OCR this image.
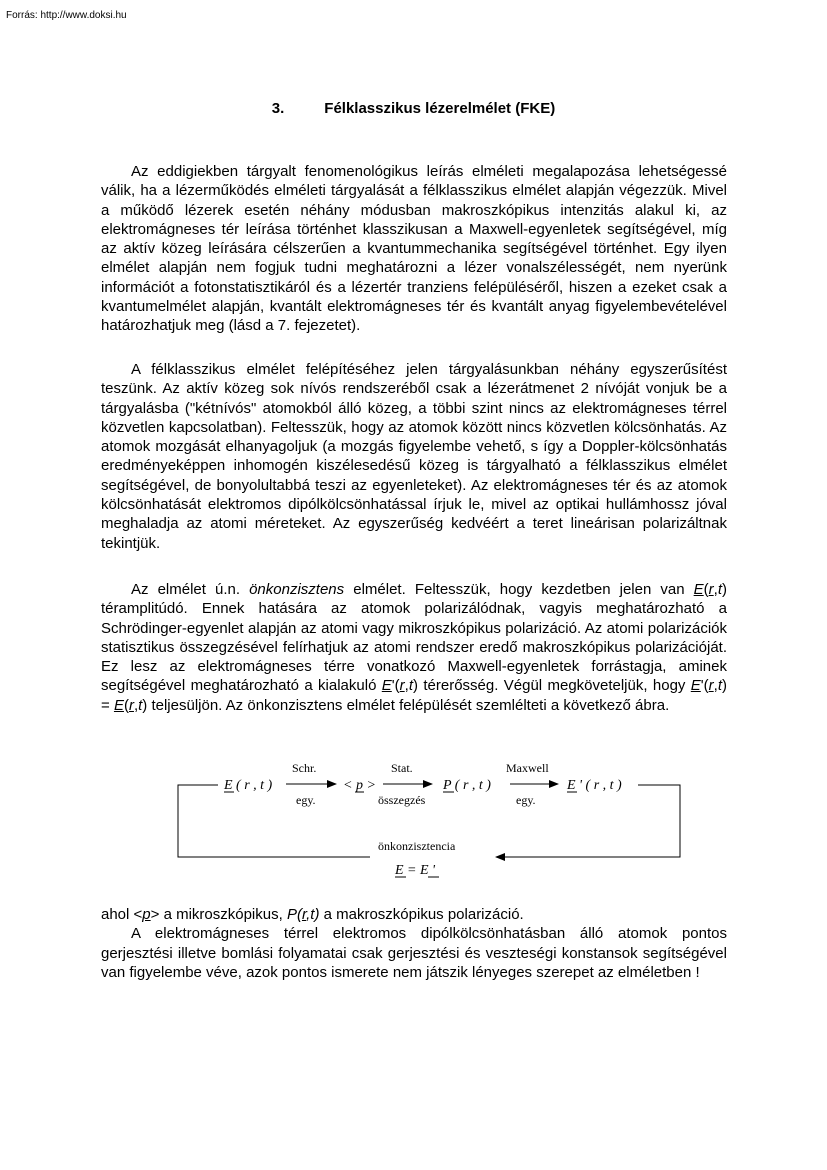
Forrás: http://www.doksi.hu
3.	Félklasszikus lézerelmélet (FKE)

Az eddigiekben tárgyalt fenomenológikus leírás elméleti megalapozása lehetségessé válik, ha a lézerműködés elméleti tárgyalását a félklasszikus elmélet alapján végezzük. Mivel a működő lézerek esetén néhány módusban makroszkópikus intenzitás alakul ki, az elektromágneses tér leírása történhet klasszikusan a Maxwell-egyenletek segítségével, míg az aktív közeg leírására célszerűen a kvantummechanika segítségével történhet. Egy ilyen elmélet alapján nem fogjuk tudni meghatározni a lézer vonalszélességét, nem nyerünk információt a fotonstatisztikáról és a lézertér tranziens felépüléséről, hiszen a ezeket csak a kvantumelmélet alapján, kvantált elektromágneses tér és kvantált anyag figyelembevételével határozhatjuk meg (lásd a 7. fejezetet).

A félklasszikus elmélet felépítéséhez jelen tárgyalásunkban néhány egyszerűsítést teszünk. Az aktív közeg sok nívós rendszeréből csak a lézerátmenet 2 nívóját vonjuk be a tárgyalásba ("kétnívós" atomokból álló közeg, a többi szint nincs az elektromágneses térrel közvetlen kapcsolatban). Feltesszük, hogy az atomok között nincs közvetlen kölcsönhatás. Az atomok mozgását elhanyagoljuk (a mozgás figyelembe vehető, s így a Doppler-kölcsönhatás eredményeképpen inhomogén kiszélesedésű közeg is tárgyalható a félklasszikus elmélet segítségével, de bonyolultabbá teszi az egyenleteket). Az elektromágneses tér és az atomok kölcsönhatását elektromos dipólkölcsönhatással írjuk le, mivel az optikai hullámhossz jóval meghaladja az atomi méreteket. Az egyszerűség kedvéért a teret lineárisan polarizáltnak tekintjük.

Az elmélet ú.n. önkonzisztens elmélet. Feltesszük, hogy kezdetben jelen van E(r,t) téramplitúdó. Ennek hatására az atomok polarizálódnak, vagyis meghatározható a Schrödinger-egyenlet alapján az atomi vagy mikroszkópikus polarizáció. Az atomi polarizációk statisztikus összegzésével felírhatjuk az atomi rendszer eredő makroszkópikus polarizációját. Ez lesz az elektromágneses térre vonatkozó Maxwell-egyenletek forrástagja, aminek segítségével meghatározható a kialakuló E'(r,t) térerősség. Végül megköveteljük, hogy E'(r,t) = E(r,t) teljesüljön. Az önkonzisztens elmélet felépülését szemlélteti a következő ábra.

E ( r , t )
Schr.
egy.
< p >
Stat.
összegzés
P ( r , t )
Maxwell
egy.
E ' ( r , t )
önkonzisztencia
E = E '

ahol <p> a mikroszkópikus, P(r,t) a makroszkópikus polarizáció.

A elektromágneses térrel elektromos dipólkölcsönhatásban álló atomok pontos gerjesztési illetve bomlási folyamatai csak gerjesztési és veszteségi konstansok segítségével van figyelembe véve, azok pontos ismerete nem játszik lényeges szerepet az elméletben !
